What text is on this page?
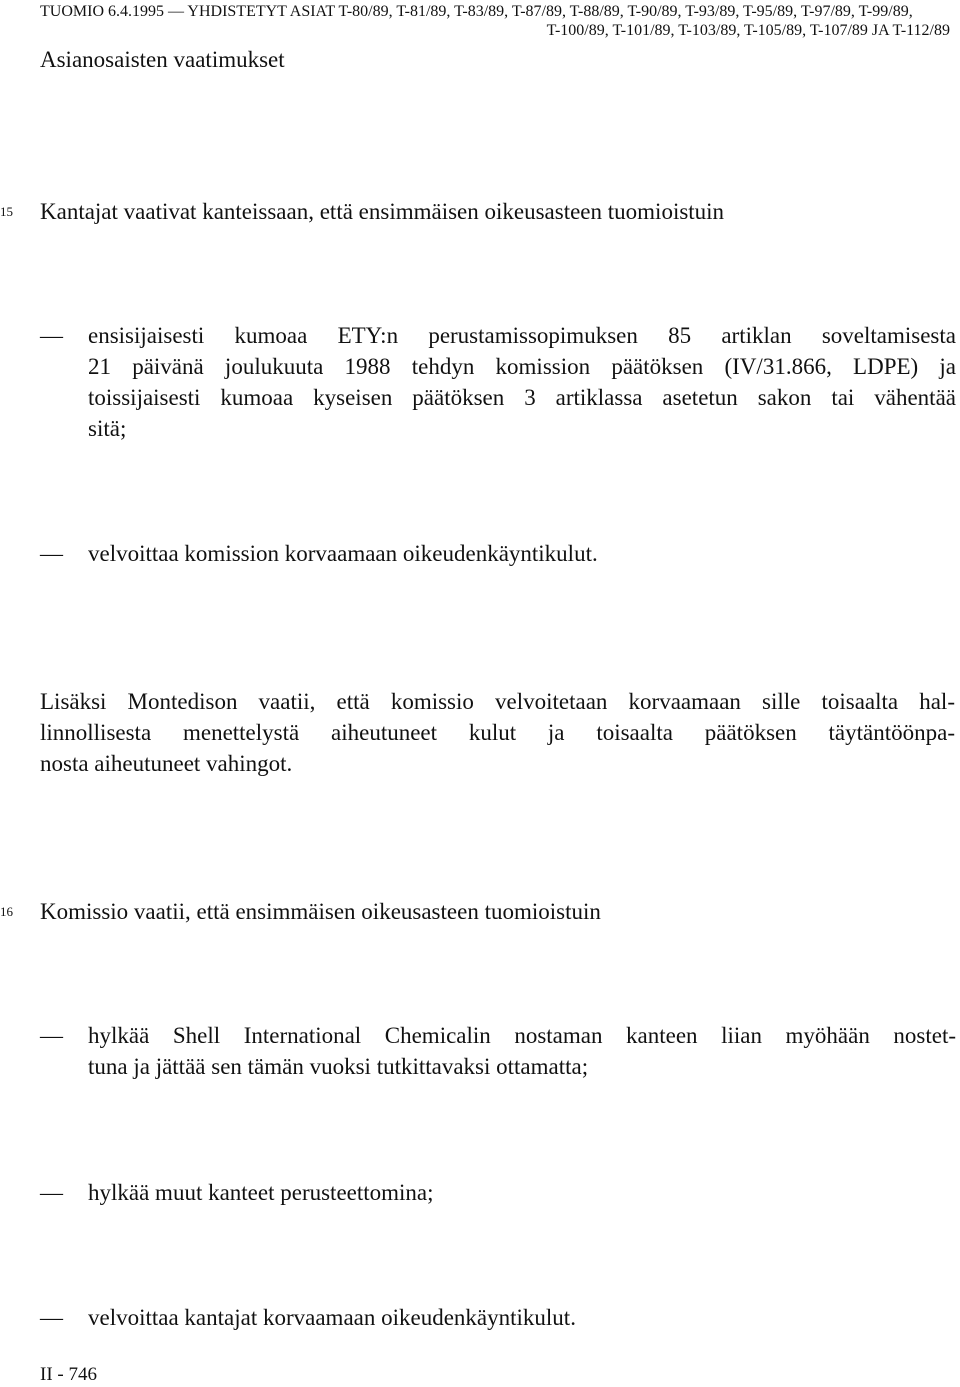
TUOMIO 6.4.1995 — YHDISTETYT ASIAT T-80/89, T-81/89, T-83/89, T-87/89, T-88/89, T-90/89, T-93/89, T-95/89, T-97/89, T-99/89,
T-100/89, T-101/89, T-103/89, T-105/89, T-107/89 JA T-112/89
Asianosaisten vaatimukset
15	Kantajat vaativat kanteissaan, että ensimmäisen oikeusasteen tuomioistuin
— ensisijaisesti kumoaa ETY:n perustamissopimuksen 85 artiklan soveltamisesta
21 päivänä joulukuuta 1988 tehdyn komission päätöksen (IV/31.866, LDPE) ja
toissijaisesti kumoaa kyseisen päätöksen 3 artiklassa asetetun sakon tai vähentää
sitä;
— velvoittaa komission korvaamaan oikeudenkäyntikulut.
Lisäksi Montedison vaatii, että komissio velvoitetaan korvaamaan sille toisaalta hal-
linnollisesta menettelystä aiheutuneet kulut ja toisaalta päätöksen täytäntöönpa-
nosta aiheutuneet vahingot.
16	Komissio vaatii, että ensimmäisen oikeusasteen tuomioistuin
— hylkää Shell International Chemicalin nostaman kanteen liian myöhään nostet-
tuna ja jättää sen tämän vuoksi tutkittavaksi ottamatta;
— hylkää muut kanteet perusteettomina;
— velvoittaa kantajat korvaamaan oikeudenkäyntikulut.
II - 746
